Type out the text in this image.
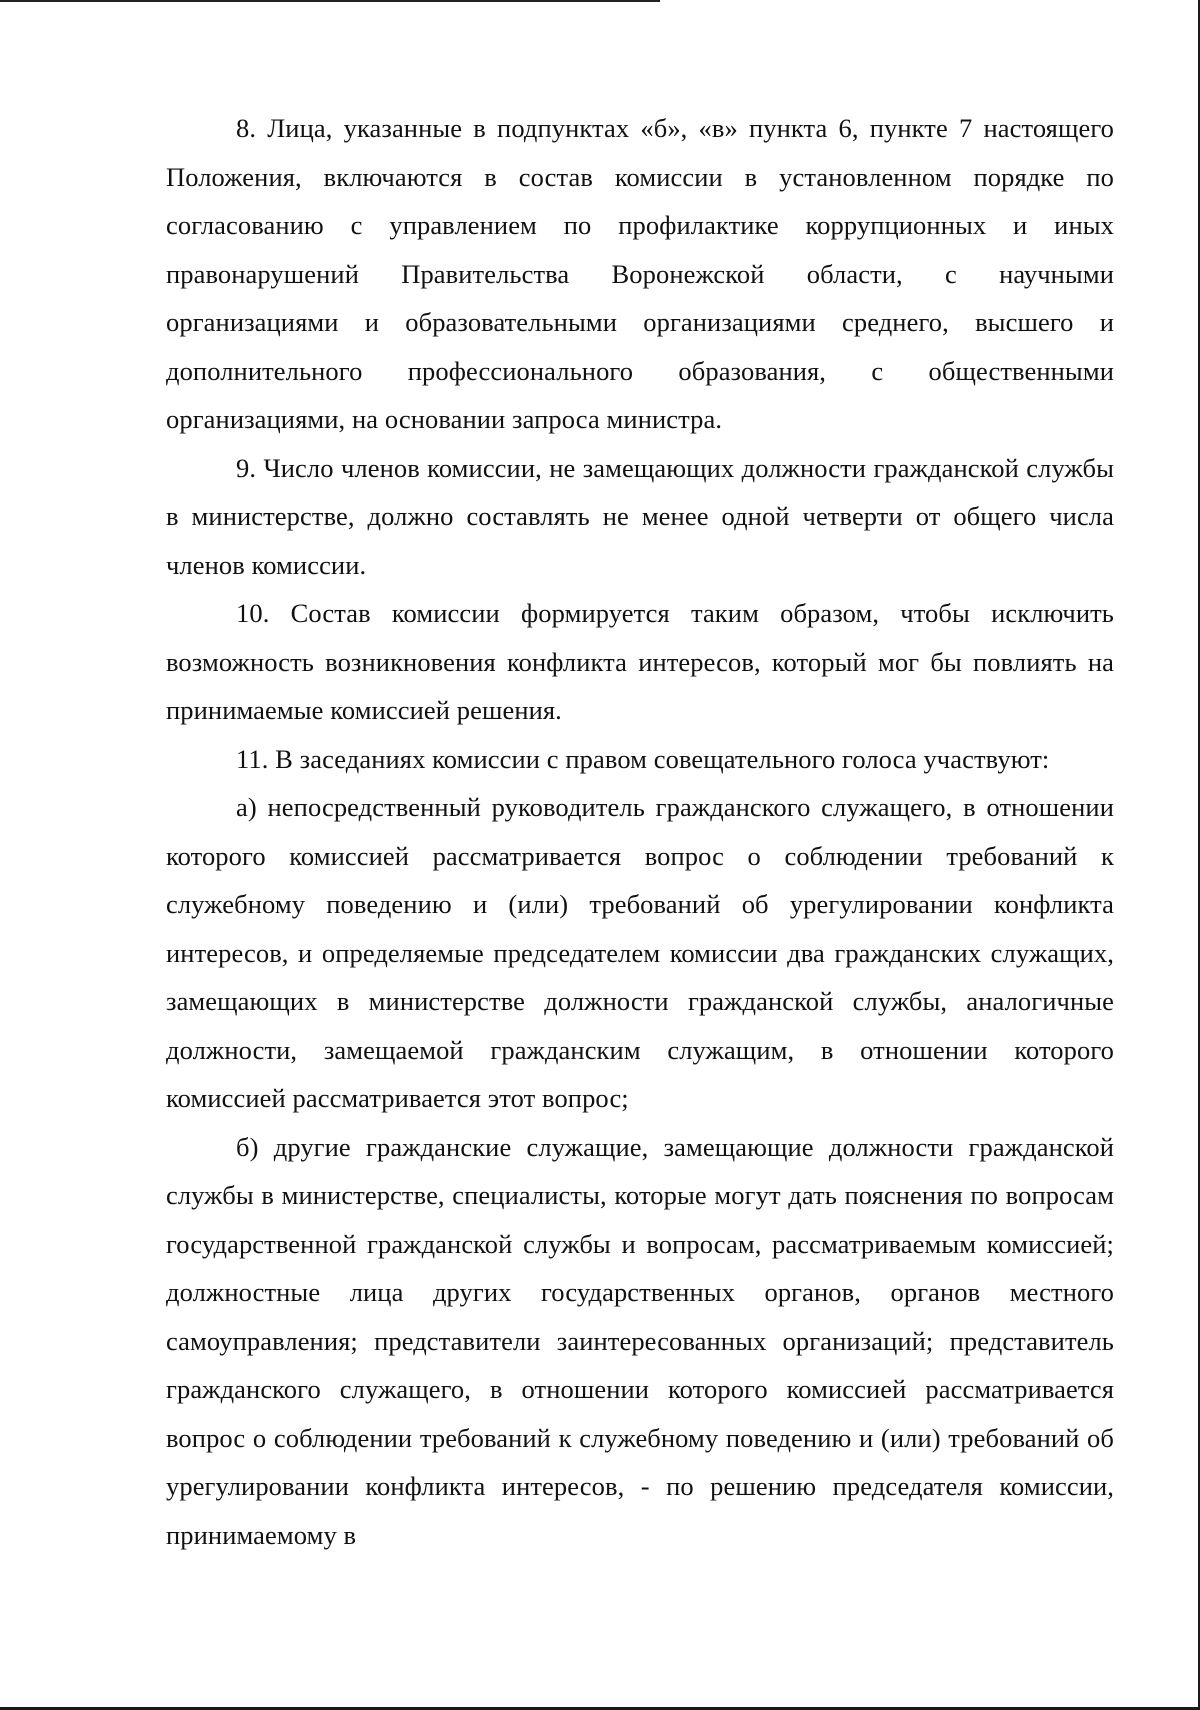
8. Лица, указанные в подпунктах «б», «в» пункта 6, пункте 7 настоящего Положения, включаются в состав комиссии в установленном порядке по согласованию с управлением по профилактике коррупционных и иных правонарушений Правительства Воронежской области, с научными организациями и образовательными организациями среднего, высшего и дополнительного профессионального образования, с общественными организациями, на основании запроса министра.

9. Число членов комиссии, не замещающих должности гражданской службы в министерстве, должно составлять не менее одной четверти от общего числа членов комиссии.

10. Состав комиссии формируется таким образом, чтобы исключить возможность возникновения конфликта интересов, который мог бы повлиять на принимаемые комиссией решения.

11. В заседаниях комиссии с правом совещательного голоса участвуют:

а) непосредственный руководитель гражданского служащего, в отношении которого комиссией рассматривается вопрос о соблюдении требований к служебному поведению и (или) требований об урегулировании конфликта интересов, и определяемые председателем комиссии два гражданских служащих, замещающих в министерстве должности гражданской службы, аналогичные должности, замещаемой гражданским служащим, в отношении которого комиссией рассматривается этот вопрос;

б) другие гражданские служащие, замещающие должности гражданской службы в министерстве, специалисты, которые могут дать пояснения по вопросам государственной гражданской службы и вопросам, рассматриваемым комиссией; должностные лица других государственных органов, органов местного самоуправления; представители заинтересованных организаций; представитель гражданского служащего, в отношении которого комиссией рассматривается вопрос о соблюдении требований к служебному поведению и (или) требований об урегулировании конфликта интересов, - по решению председателя комиссии, принимаемому в
